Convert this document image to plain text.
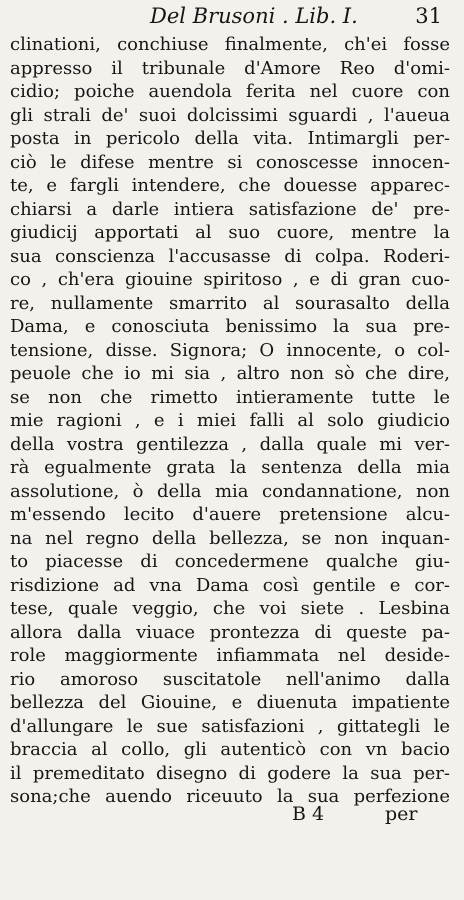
Del Brusoni . Lib. I.	31
clinationi, conchiuse finalmente, ch'ei fosse
appresso il tribunale d'Amore Reo d'omi-
cidio; poiche auendola ferita nel cuore con
gli strali de' suoi dolcissimi sguardi , l'aueua
posta in pericolo della vita. Intimargli per-
ciò le difese mentre si conoscesse innocen-
te, e fargli intendere, che douesse apparec-
chiarsi a darle intiera satisfazione de' pre-
giudicij apportati al suo cuore, mentre la
sua conscienza l'accusasse di colpa. Roderi-
co , ch'era giouine spiritoso , e di gran cuo-
re, nullamente smarrito al sourasalto della
Dama, e conosciuta benissimo la sua pre-
tensione, disse. Signora; O innocente, o col-
peuole che io mi sia , altro non sò che dire,
se non che rimetto intieramente tutte le
mie ragioni , e i miei falli al solo giudicio
della vostra gentilezza , dalla quale mi ver-
rà egualmente grata la sentenza della mia
assolutione, ò della mia condannatione, non
m'essendo lecito d'auere pretensione alcu-
na nel regno della bellezza, se non inquan-
to piacesse di concedermene qualche giu-
risdizione ad vna Dama così gentile e cor-
tese, quale veggio, che voi siete . Lesbina
allora dalla viuace prontezza di queste pa-
role maggiormente infiammata nel deside-
rio amoroso suscitatole nell'animo dalla
bellezza del Giouine, e diuenuta impatiente
d'allungare le sue satisfazioni , gittategli le
braccia al collo, gli autenticò con vn bacio
il premeditato disegno di godere la sua per-
sona;che auendo riceuuto la sua perfezione
B 4	per
